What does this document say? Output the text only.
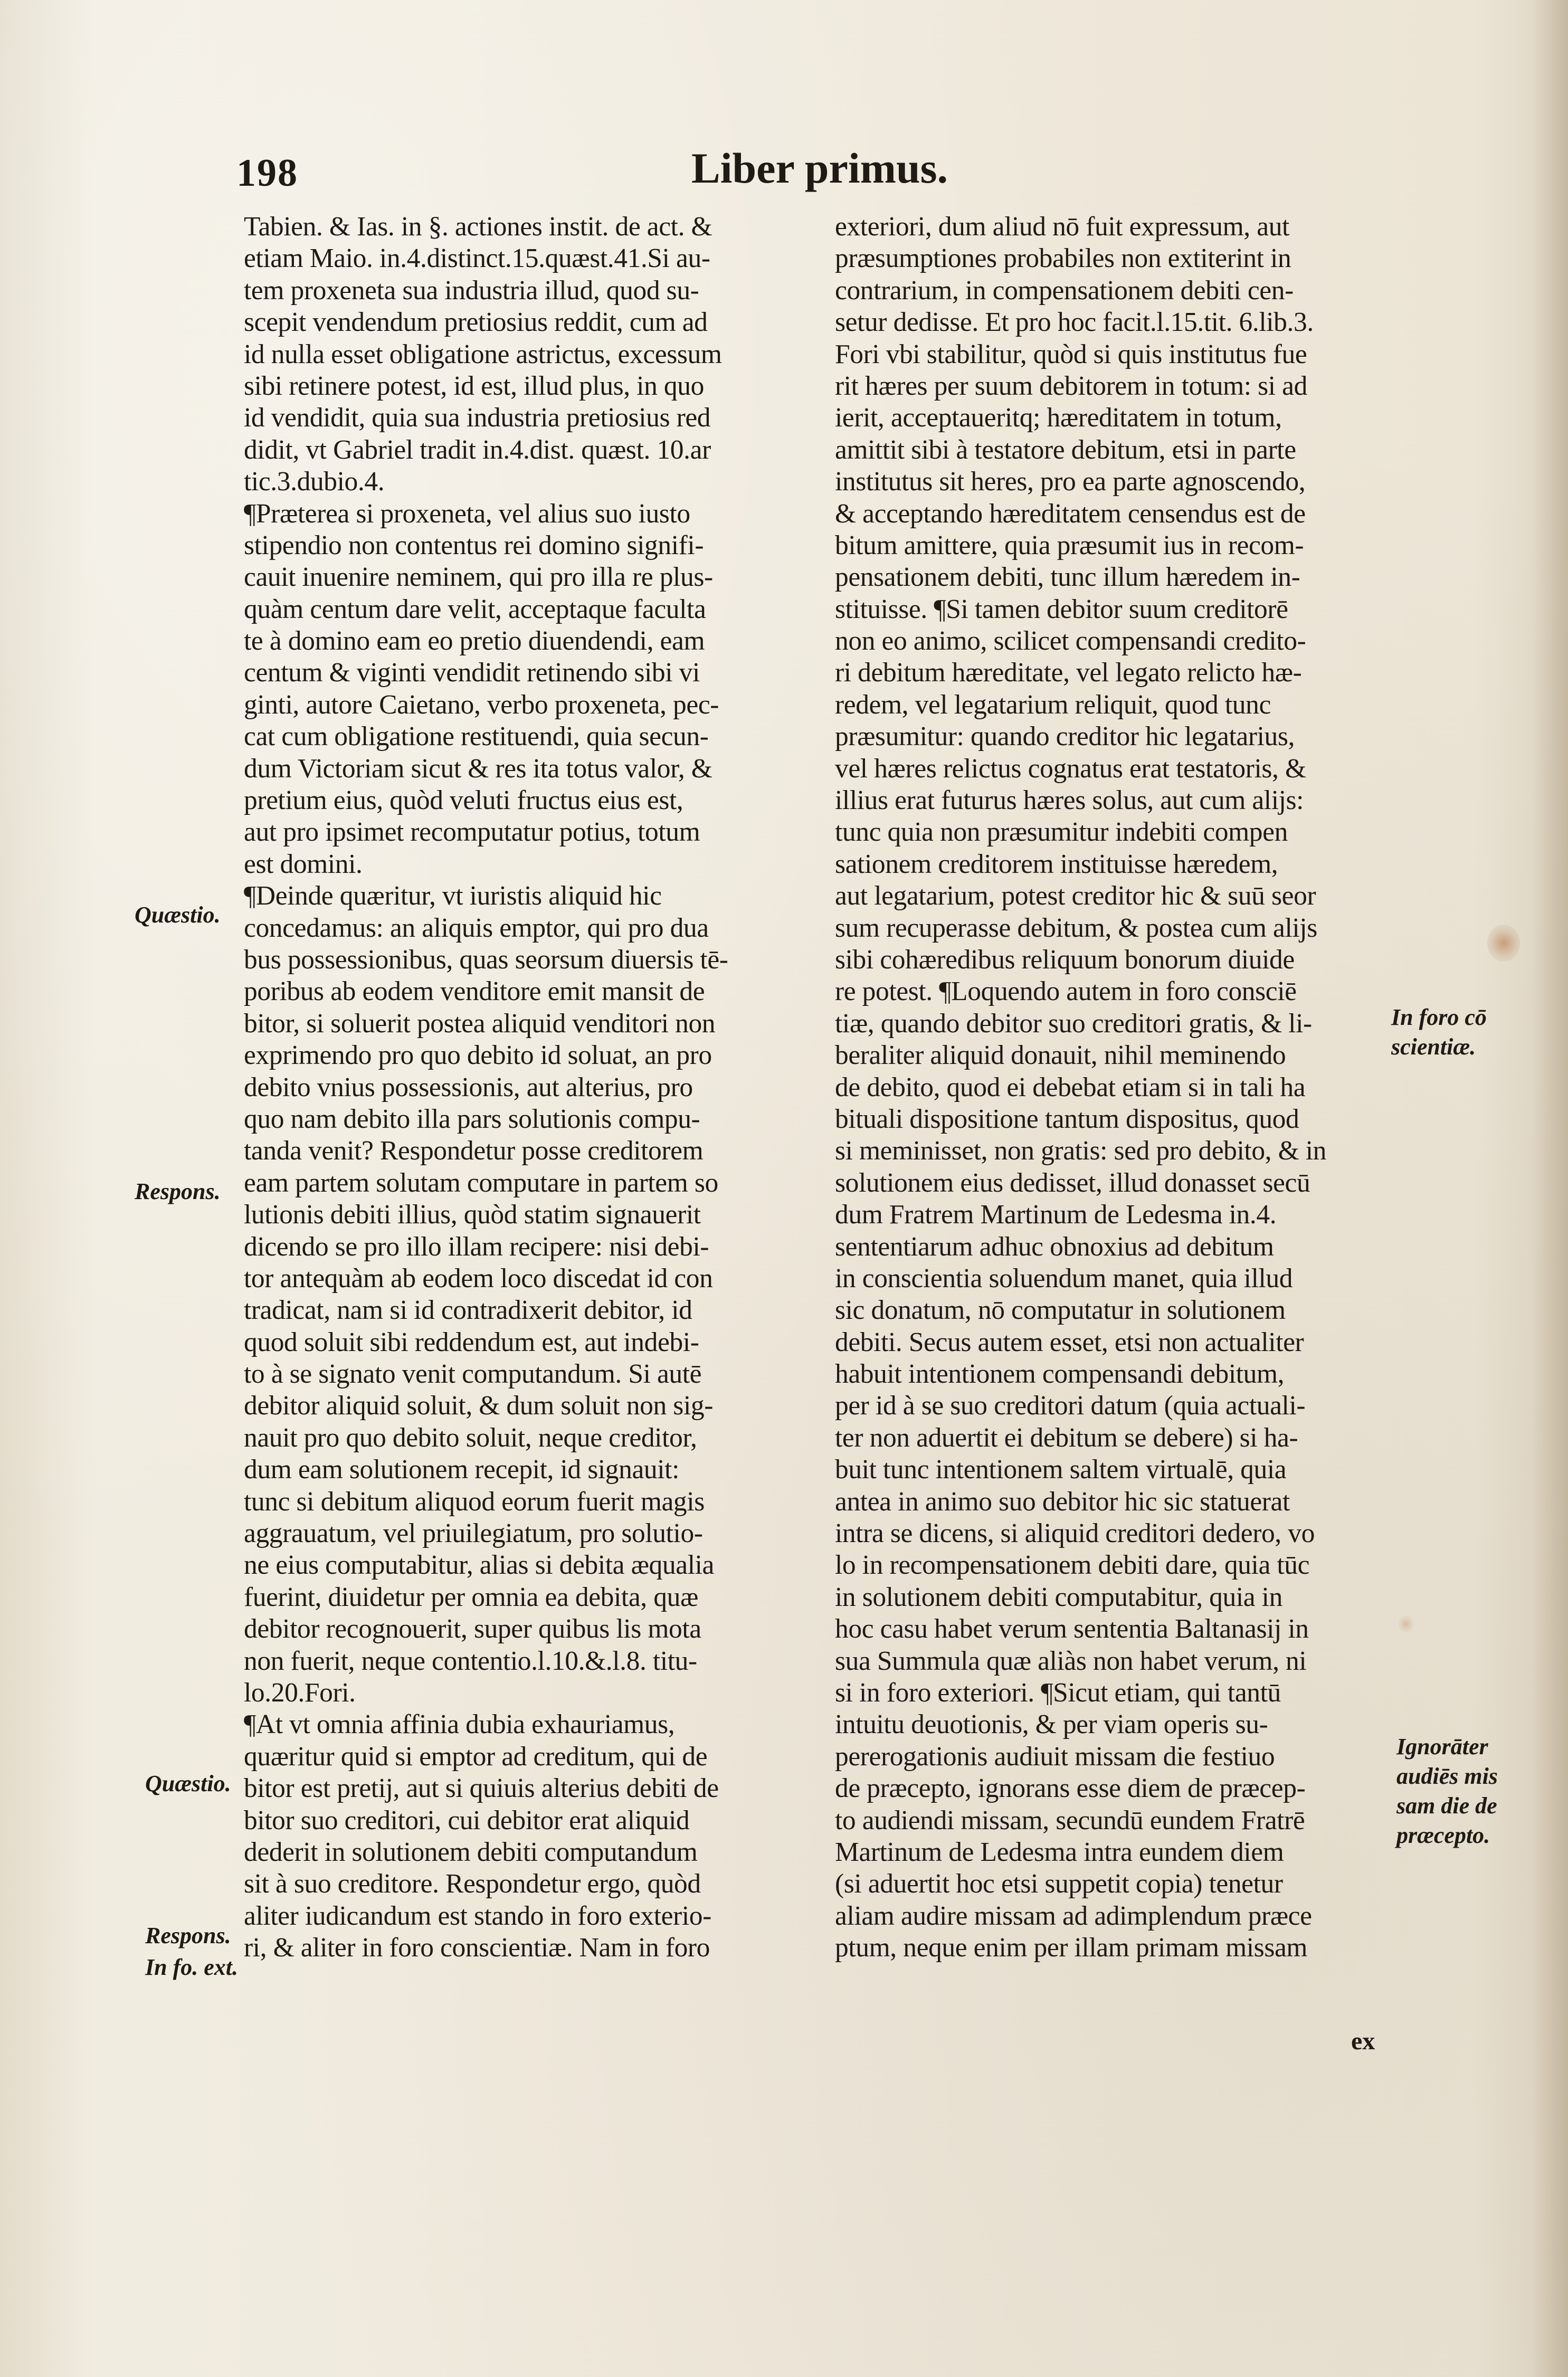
198	Liber primus.
Tabien. & Ias. in §. actiones instit. de act. &
etiam Maio. in.4.distinct.15.quæst.41.Si au-
tem proxeneta sua industria illud, quod su-
scepit vendendum pretiosius reddit, cum ad
id nulla esset obligatione astrictus, excessum
sibi retinere potest, id est, illud plus, in quo
id vendidit, quia sua industria pretiosius red
didit, vt Gabriel tradit in.4.dist. quæst. 10.ar
tic.3.dubio.4.
¶Præterea si proxeneta, vel alius suo iusto
stipendio non contentus rei domino signifi-
cauit inuenire neminem, qui pro illa re plus-
quàm centum dare velit, acceptaque faculta
te à domino eam eo pretio diuendendi, eam
centum & viginti vendidit retinendo sibi vi
ginti, autore Caietano, verbo proxeneta, pec-
cat cum obligatione restituendi, quia secun-
dum Victoriam sicut & res ita totus valor, &
pretium eius, quòd veluti fructus eius est,
aut pro ipsimet recomputatur potius, totum
est domini.
¶Deinde quæritur, vt iuristis aliquid hic
concedamus: an aliquis emptor, qui pro dua
bus possessionibus, quas seorsum diuersis tē-
poribus ab eodem venditore emit mansit de
bitor, si soluerit postea aliquid venditori non
exprimendo pro quo debito id soluat, an pro
debito vnius possessionis, aut alterius, pro
quo nam debito illa pars solutionis compu-
tanda venit? Respondetur posse creditorem
eam partem solutam computare in partem so
lutionis debiti illius, quòd statim signauerit
dicendo se pro illo illam recipere: nisi debi-
tor antequàm ab eodem loco discedat id con
tradicat, nam si id contradixerit debitor, id
quod soluit sibi reddendum est, aut indebi-
to à se signato venit computandum. Si autē
debitor aliquid soluit, & dum soluit non sig-
nauit pro quo debito soluit, neque creditor,
dum eam solutionem recepit, id signauit:
tunc si debitum aliquod eorum fuerit magis
aggrauatum, vel priuilegiatum, pro solutio-
ne eius computabitur, alias si debita æqualia
fuerint, diuidetur per omnia ea debita, quæ
debitor recognouerit, super quibus lis mota
non fuerit, neque contentio.l.10.&.l.8. titu-
lo.20.Fori.
¶At vt omnia affinia dubia exhauriamus,
quæritur quid si emptor ad creditum, qui de
bitor est pretij, aut si quiuis alterius debiti de
bitor suo creditori, cui debitor erat aliquid
dederit in solutionem debiti computandum
sit à suo creditore. Respondetur ergo, quòd
aliter iudicandum est stando in foro exterio-
ri, & aliter in foro conscientiæ. Nam in foro
exteriori, dum aliud nō fuit expressum, aut
præsumptiones probabiles non extiterint in
contrarium, in compensationem debiti cen-
setur dedisse. Et pro hoc facit.l.15.tit. 6.lib.3.
Fori vbi stabilitur, quòd si quis institutus fue
rit hæres per suum debitorem in totum: si ad
ierit, acceptaueritq; hæreditatem in totum,
amittit sibi à testatore debitum, etsi in parte
institutus sit heres, pro ea parte agnoscendo,
& acceptando hæreditatem censendus est de
bitum amittere, quia præsumit ius in recom-
pensationem debiti, tunc illum hæredem in-
stituisse. ¶Si tamen debitor suum creditorē
non eo animo, scilicet compensandi credito-
ri debitum hæreditate, vel legato relicto hæ-
redem, vel legatarium reliquit, quod tunc
præsumitur: quando creditor hic legatarius,
vel hæres relictus cognatus erat testatoris, &
illius erat futurus hæres solus, aut cum alijs:
tunc quia non præsumitur indebiti compen
sationem creditorem instituisse hæredem,
aut legatarium, potest creditor hic & suū seor
sum recuperasse debitum, & postea cum alijs
sibi cohæredibus reliquum bonorum diuide
re potest. ¶Loquendo autem in foro consciē
tiæ, quando debitor suo creditori gratis, & li-
beraliter aliquid donauit, nihil meminendo
de debito, quod ei debebat etiam si in tali ha
bituali dispositione tantum dispositus, quod
si meminisset, non gratis: sed pro debito, & in
solutionem eius dedisset, illud donasset secū
dum Fratrem Martinum de Ledesma in.4.
sententiarum adhuc obnoxius ad debitum
in conscientia soluendum manet, quia illud
sic donatum, nō computatur in solutionem
debiti. Secus autem esset, etsi non actualiter
habuit intentionem compensandi debitum,
per id à se suo creditori datum (quia actuali-
ter non aduertit ei debitum se debere) si ha-
buit tunc intentionem saltem virtualē, quia
antea in animo suo debitor hic sic statuerat
intra se dicens, si aliquid creditori dedero, vo
lo in recompensationem debiti dare, quia tūc
in solutionem debiti computabitur, quia in
hoc casu habet verum sententia Baltanasij in
sua Summula quæ aliàs non habet verum, ni
si in foro exteriori. ¶Sicut etiam, qui tantū
intuitu deuotionis, & per viam operis su-
pererogationis audiuit missam die festiuo
de præcepto, ignorans esse diem de præcep-
to audiendi missam, secundū eundem Fratrē
Martinum de Ledesma intra eundem diem
(si aduertit hoc etsi suppetit copia) tenetur
aliam audire missam ad adimplendum præce
ptum, neque enim per illam primam missam
Quæstio.
Respons.
Quæstio.
Respons.
In fo. ext.
In foro cō
scientiæ.
Ignorāter
audiēs mis
sam die de
præcepto.
ex
